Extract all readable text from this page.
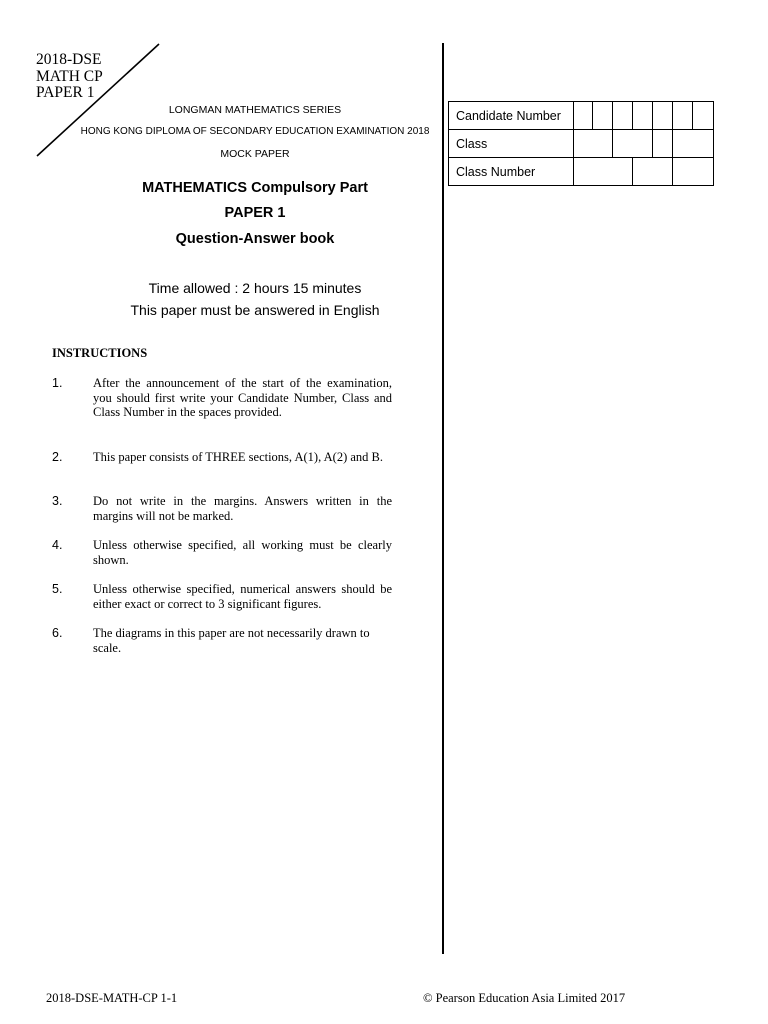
2018-DSE
MATH CP
PAPER 1
LONGMAN MATHEMATICS SERIES
HONG KONG DIPLOMA OF SECONDARY EDUCATION EXAMINATION 2018
MOCK PAPER
MATHEMATICS Compulsory Part
PAPER 1
Question-Answer book
Time allowed : 2 hours 15 minutes
This paper must be answered in English
INSTRUCTIONS
1. After the announcement of the start of the examination, you should first write your Candidate Number, Class and Class Number in the spaces provided.
2. This paper consists of THREE sections, A(1), A(2) and B.
3. Do not write in the margins. Answers written in the margins will not be marked.
4. Unless otherwise specified, all working must be clearly shown.
5. Unless otherwise specified, numerical answers should be either exact or correct to 3 significant figures.
6. The diagrams in this paper are not necessarily drawn to scale.
Candidate Number							
Class							
Class Number							
2018-DSE-MATH-CP 1-1	© Pearson Education Asia Limited 2017
